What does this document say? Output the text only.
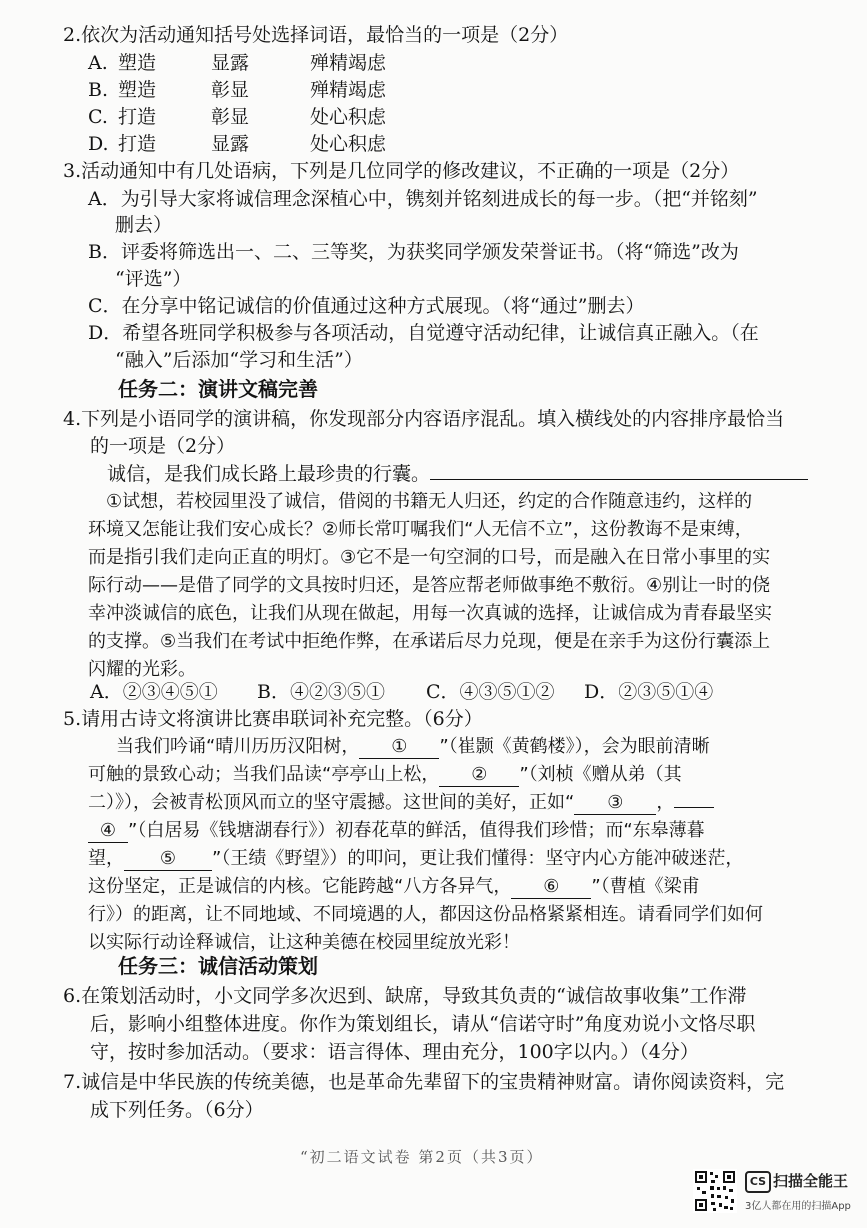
2.依次为活动通知括号处选择词语，最恰当的一项是（2分）
A. 塑造	显露	殚精竭虑
B. 塑造	彰显	殚精竭虑
C. 打造	彰显	处心积虑
D. 打造	显露	处心积虑
3.活动通知中有几处语病，下列是几位同学的修改建议，不正确的一项是（2分）
A．为引导大家将诚信理念深植心中，镌刻并铭刻进成长的每一步。（把“并铭刻”
删去）
B．评委将筛选出一、二、三等奖，为获奖同学颁发荣誉证书。（将“筛选”改为
“评选”）
C．在分享中铭记诚信的价值通过这种方式展现。（将“通过”删去）
D．希望各班同学积极参与各项活动，自觉遵守活动纪律，让诚信真正融入。（在
“融入”后添加“学习和生活”）
任务二：演讲文稿完善
4.下列是小语同学的演讲稿，你发现部分内容语序混乱。填入横线处的内容排序最恰当
的一项是（2分）
诚信，是我们成长路上最珍贵的行囊。
①试想，若校园里没了诚信，借阅的书籍无人归还，约定的合作随意违约，这样的
环境又怎能让我们安心成长？②师长常叮嘱我们“人无信不立”，这份教诲不是束缚，
而是指引我们走向正直的明灯。③它不是一句空洞的口号，而是融入在日常小事里的实
际行动——是借了同学的文具按时归还，是答应帮老师做事绝不敷衍。④别让一时的侥
幸冲淡诚信的底色，让我们从现在做起，用每一次真诚的选择，让诚信成为青春最坚实
的支撑。⑤当我们在考试中拒绝作弊，在承诺后尽力兑现，便是在亲手为这份行囊添上
闪耀的光彩。
A．②③④⑤① B．④②③⑤① C．④③⑤①② D．②③⑤①④
5.请用古诗文将演讲比赛串联词补充完整。（6分）
当我们吟诵“晴川历历汉阳树， ① ”（崔颢《黄鹤楼》），会为眼前清晰
可触的景致心动；当我们品读“亭亭山上松， ② ”（刘桢《赠从弟（其
二）》），会被青松顶风而立的坚守震撼。这世间的美好，正如“ ③ ，
④ ”（白居易《钱塘湖春行》）初春花草的鲜活，值得我们珍惜；而“东皋薄暮
望， ⑤ ”（王绩《野望》）的叩问，更让我们懂得：坚守内心方能冲破迷茫，
这份坚定，正是诚信的内核。它能跨越“八方各异气， ⑥ ”（曹植《梁甫
行》）的距离，让不同地域、不同境遇的人，都因这份品格紧紧相连。请看同学们如何
以实际行动诠释诚信，让这种美德在校园里绽放光彩！
任务三：诚信活动策划
6.在策划活动时，小文同学多次迟到、缺席，导致其负责的“诚信故事收集”工作滞
后，影响小组整体进度。你作为策划组长，请从“信诺守时”角度劝说小文恪尽职
守，按时参加活动。（要求：语言得体、理由充分，100字以内。）（4分）
7.诚信是中华民族的传统美德，也是革命先辈留下的宝贵精神财富。请你阅读资料，完
成下列任务。（6分）
“初二语文试卷 第2页（共3页）
CS 扫描全能王
3亿人都在用的扫描App
